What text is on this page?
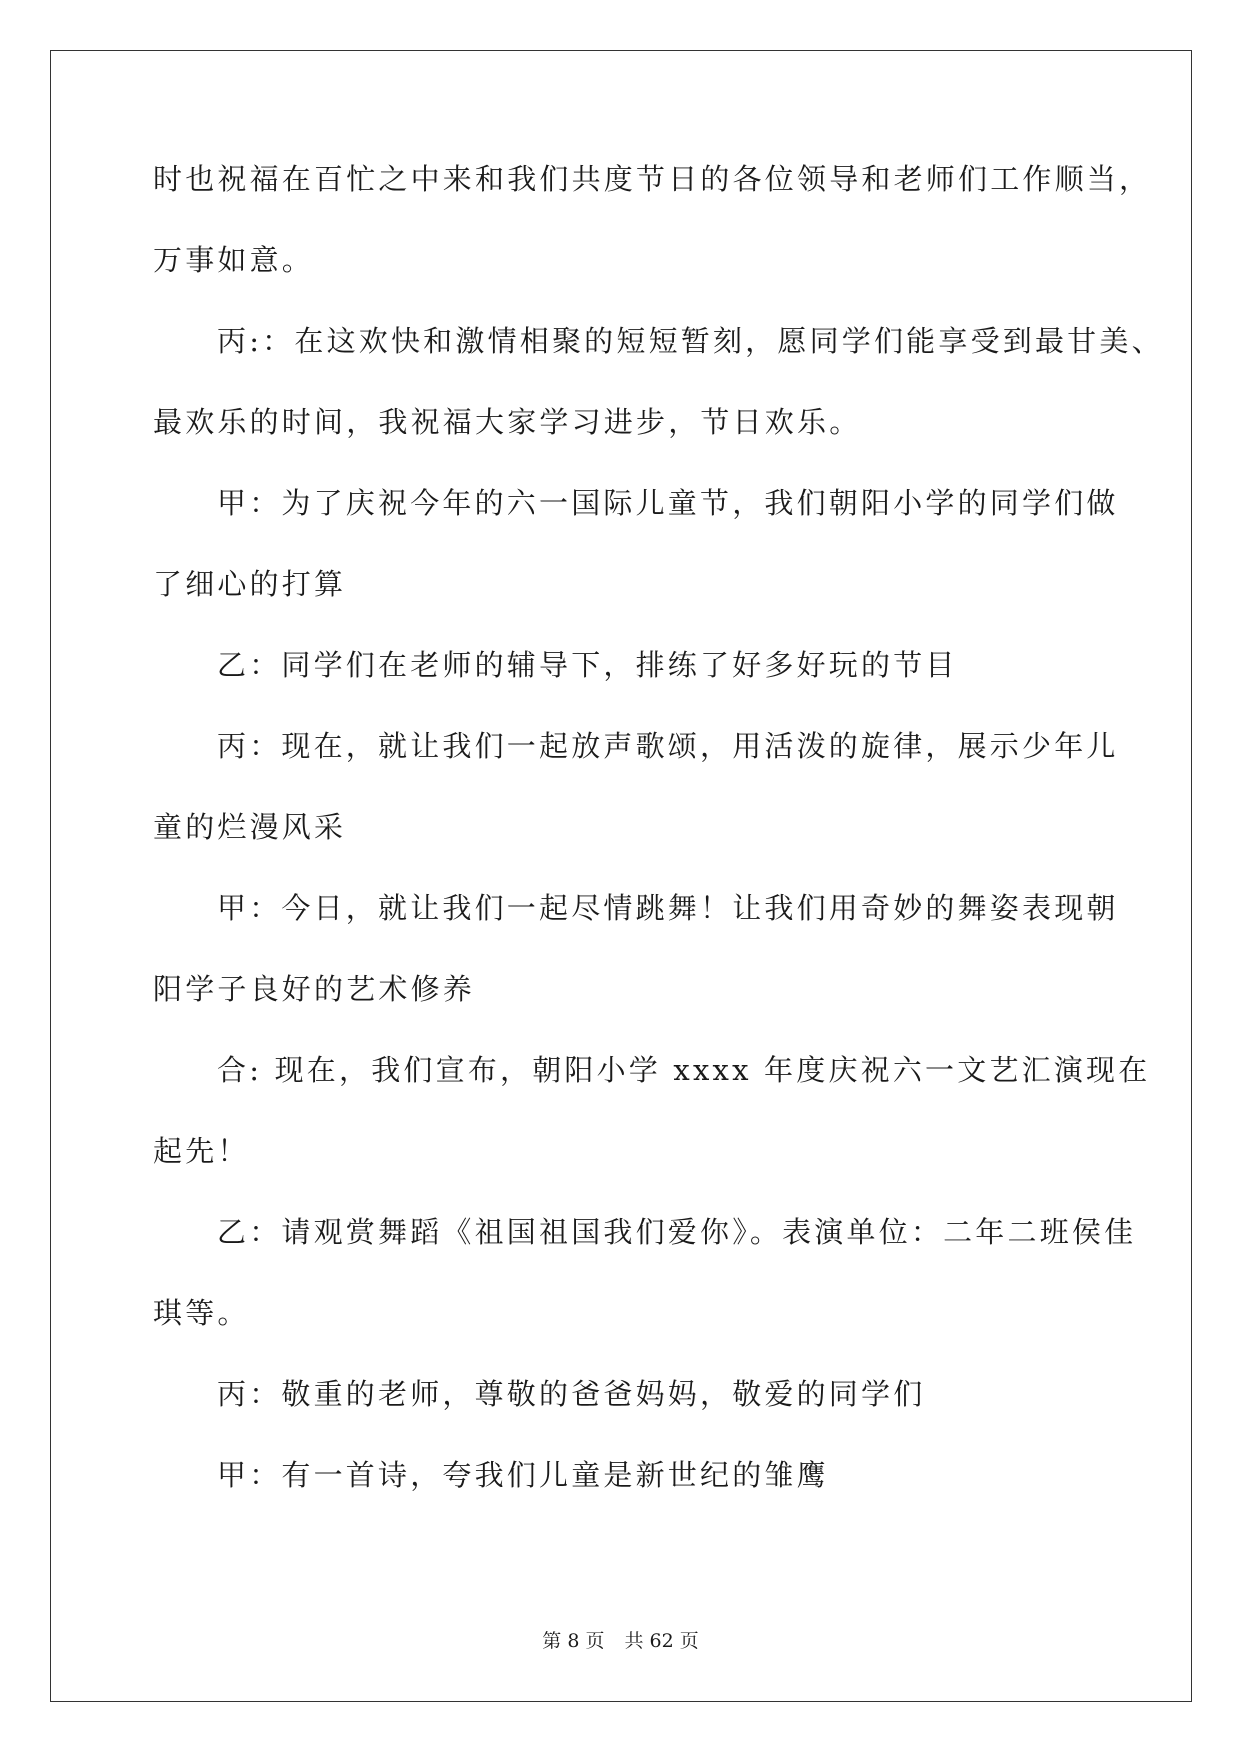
时也祝福在百忙之中来和我们共度节日的各位领导和老师们工作顺当，
万事如意。
丙:：在这欢快和激情相聚的短短暂刻，愿同学们能享受到最甘美、
最欢乐的时间，我祝福大家学习进步，节日欢乐。
甲：为了庆祝今年的六一国际儿童节，我们朝阳小学的同学们做
了细心的打算
乙：同学们在老师的辅导下，排练了好多好玩的节目
丙：现在，就让我们一起放声歌颂，用活泼的旋律，展示少年儿
童的烂漫风采
甲：今日，就让我们一起尽情跳舞！让我们用奇妙的舞姿表现朝
阳学子良好的艺术修养
合: 现在，我们宣布，朝阳小学 xxxx 年度庆祝六一文艺汇演现在
起先！
乙：请观赏舞蹈《祖国祖国我们爱你》。表演单位：二年二班侯佳
琪等。
丙：敬重的老师，尊敬的爸爸妈妈，敬爱的同学们
甲：有一首诗，夸我们儿童是新世纪的雏鹰
第 8 页 共 62 页
